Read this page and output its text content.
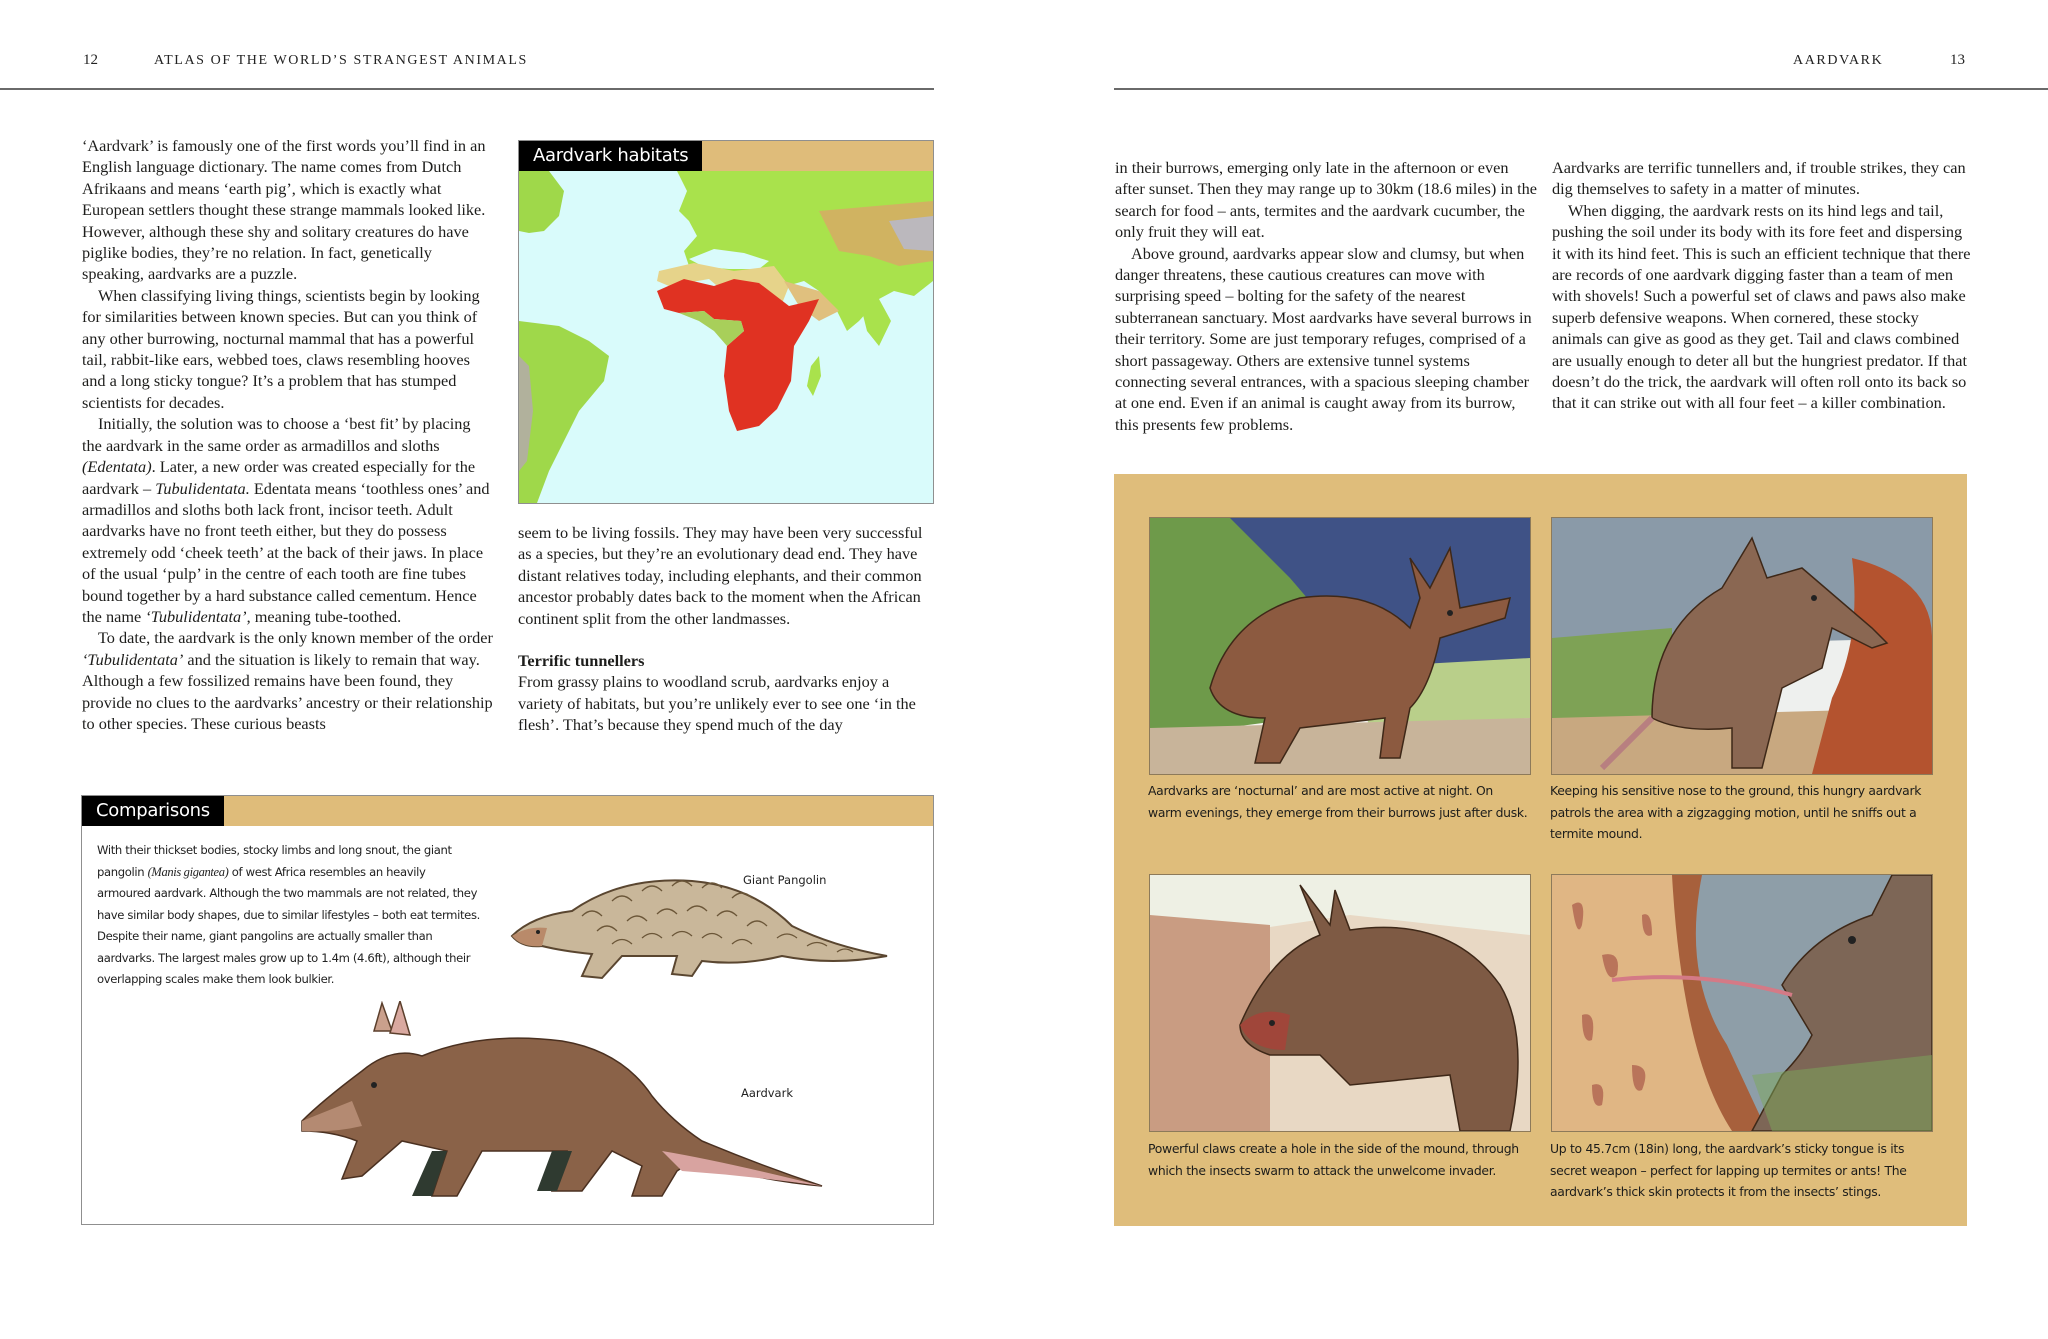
12	ATLAS OF THE WORLD’S STRANGEST ANIMALS

‘Aardvark’ is famously one of the first words you’ll find in an English language dictionary. The name comes from Dutch Afrikaans and means ‘earth pig’, which is exactly what European settlers thought these strange mammals looked like. However, although these shy and solitary creatures do have piglike bodies, they’re no relation. In fact, genetically speaking, aardvarks are a puzzle.

When classifying living things, scientists begin by looking for similarities between known species. But can you think of any other burrowing, nocturnal mammal that has a powerful tail, rabbit-like ears, webbed toes, claws resembling hooves and a long sticky tongue? It’s a problem that has stumped scientists for decades.

Initially, the solution was to choose a ‘best fit’ by placing the aardvark in the same order as armadillos and sloths (Edentata). Later, a new order was created especially for the aardvark – Tubulidentata. Edentata means ‘toothless ones’ and armadillos and sloths both lack front, incisor teeth. Adult aardvarks have no front teeth either, but they do possess extremely odd ‘cheek teeth’ at the back of their jaws. In place of the usual ‘pulp’ in the centre of each tooth are fine tubes bound together by a hard substance called cementum. Hence the name ‘Tubulidentata’, meaning tube-toothed.

To date, the aardvark is the only known member of the order ‘Tubulidentata’ and the situation is likely to remain that way. Although a few fossilized remains have been found, they provide no clues to the aardvarks’ ancestry or their relationship to other species. These curious beasts

Aardvark habitats

seem to be living fossils. They may have been very successful as a species, but they’re an evolutionary dead end. They have distant relatives today, including elephants, and their common ancestor probably dates back to the moment when the African continent split from the other landmasses.

Terrific tunnellers

From grassy plains to woodland scrub, aardvarks enjoy a variety of habitats, but you’re unlikely ever to see one ‘in the flesh’. That’s because they spend much of the day

Comparisons
With their thickset bodies, stocky limbs and long snout, the giant pangolin (Manis gigantea) of west Africa resembles an heavily armoured aardvark. Although the two mammals are not related, they have similar body shapes, due to similar lifestyles – both eat termites. Despite their name, giant pangolins are actually smaller than aardvarks. The largest males grow up to 1.4m (4.6ft), although their overlapping scales make them look bulkier.
Giant Pangolin
Aardvark
AARDVARK	13

in their burrows, emerging only late in the afternoon or even after sunset. Then they may range up to 30km (18.6 miles) in the search for food – ants, termites and the aardvark cucumber, the only fruit they will eat.

Above ground, aardvarks appear slow and clumsy, but when danger threatens, these cautious creatures can move with surprising speed – bolting for the safety of the nearest subterranean sanctuary. Most aardvarks have several burrows in their territory. Some are just temporary refuges, comprised of a short passageway. Others are extensive tunnel systems connecting several entrances, with a spacious sleeping chamber at one end. Even if an animal is caught away from its burrow, this presents few problems.

Aardvarks are terrific tunnellers and, if trouble strikes, they can dig themselves to safety in a matter of minutes.

When digging, the aardvark rests on its hind legs and tail, pushing the soil under its body with its fore feet and dispersing it with its hind feet. This is such an efficient technique that there are records of one aardvark digging faster than a team of men with shovels! Such a powerful set of claws and paws also make superb defensive weapons. When cornered, these stocky animals can give as good as they get. Tail and claws combined are usually enough to deter all but the hungriest predator. If that doesn’t do the trick, the aardvark will often roll onto its back so that it can strike out with all four feet – a killer combination.

Aardvarks are ‘nocturnal’ and are most active at night. On warm evenings, they emerge from their burrows just after dusk.
Keeping his sensitive nose to the ground, this hungry aardvark patrols the area with a zigzagging motion, until he sniffs out a termite mound.
Powerful claws create a hole in the side of the mound, through which the insects swarm to attack the unwelcome invader.
Up to 45.7cm (18in) long, the aardvark’s sticky tongue is its secret weapon – perfect for lapping up termites or ants! The aardvark’s thick skin protects it from the insects’ stings.
